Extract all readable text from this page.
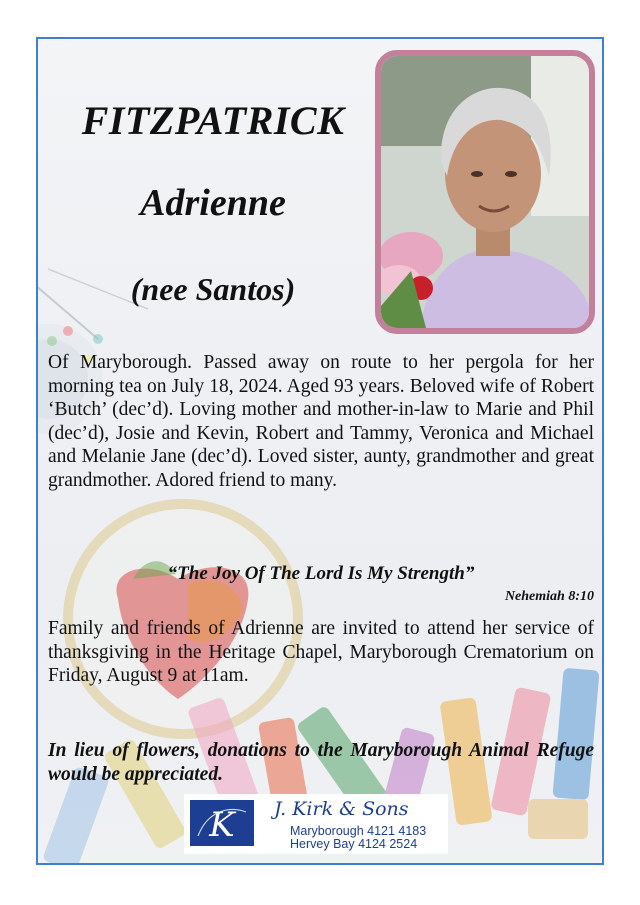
FITZPATRICK
Adrienne
(nee Santos)
Of Maryborough. Passed away on route to her pergola for her morning tea on July 18, 2024. Aged 93 years. Beloved wife of Robert ‘Butch’ (dec’d). Loving mother and mother-in-law to Marie and Phil (dec’d), Josie and Kevin, Robert and Tammy, Veronica and Michael and Melanie Jane (dec’d). Loved sister, aunty, grandmother and great grandmother. Adored friend to many.
“The Joy Of The Lord Is My Strength”
Nehemiah 8:10
Family and friends of Adrienne are invited to attend her service of thanksgiving in the Heritage Chapel, Maryborough Crematorium on Friday, August 9 at 11am.
In lieu of flowers, donations to the Maryborough Animal Refuge would be appreciated.
K J. Kirk & Sons
Maryborough 4121 4183
Hervey Bay 4124 2524
